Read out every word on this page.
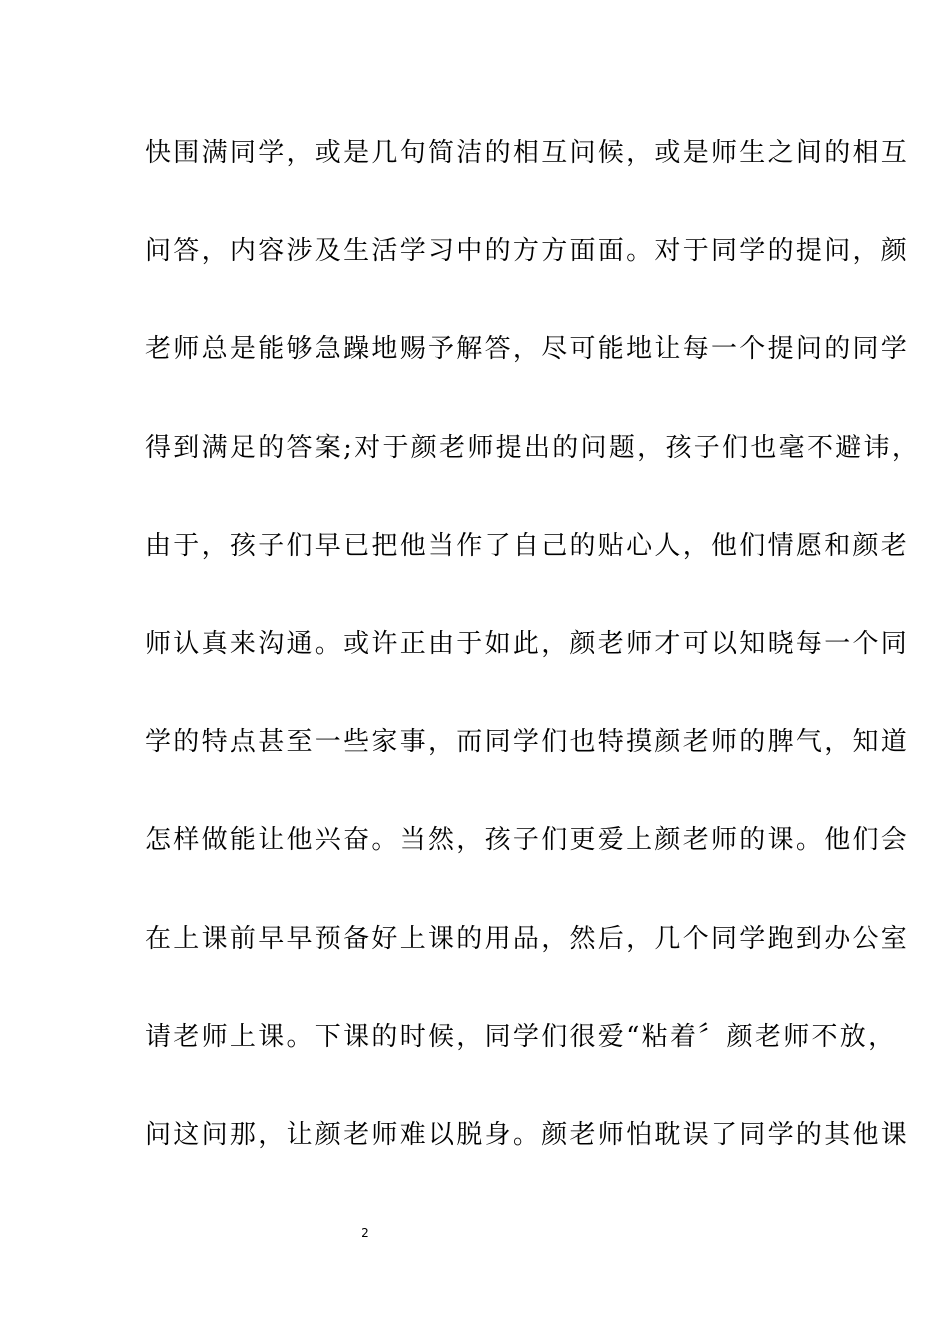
快围满同学，或是几句简洁的相互问候，或是师生之间的相互
问答，内容涉及生活学习中的方方面面。对于同学的提问，颜
老师总是能够急躁地赐予解答，尽可能地让每一个提问的同学
得到满足的答案;对于颜老师提出的问题，孩子们也毫不避讳，
由于，孩子们早已把他当作了自己的贴心人，他们情愿和颜老
师认真来沟通。或许正由于如此，颜老师才可以知晓每一个同
学的特点甚至一些家事，而同学们也特摸颜老师的脾气，知道
怎样做能让他兴奋。当然，孩子们更爱上颜老师的课。他们会
在上课前早早预备好上课的用品，然后，几个同学跑到办公室
请老师上课。下课的时候，同学们很爱“粘着〞颜老师不放，
问这问那，让颜老师难以脱身。颜老师怕耽误了同学的其他课
2
